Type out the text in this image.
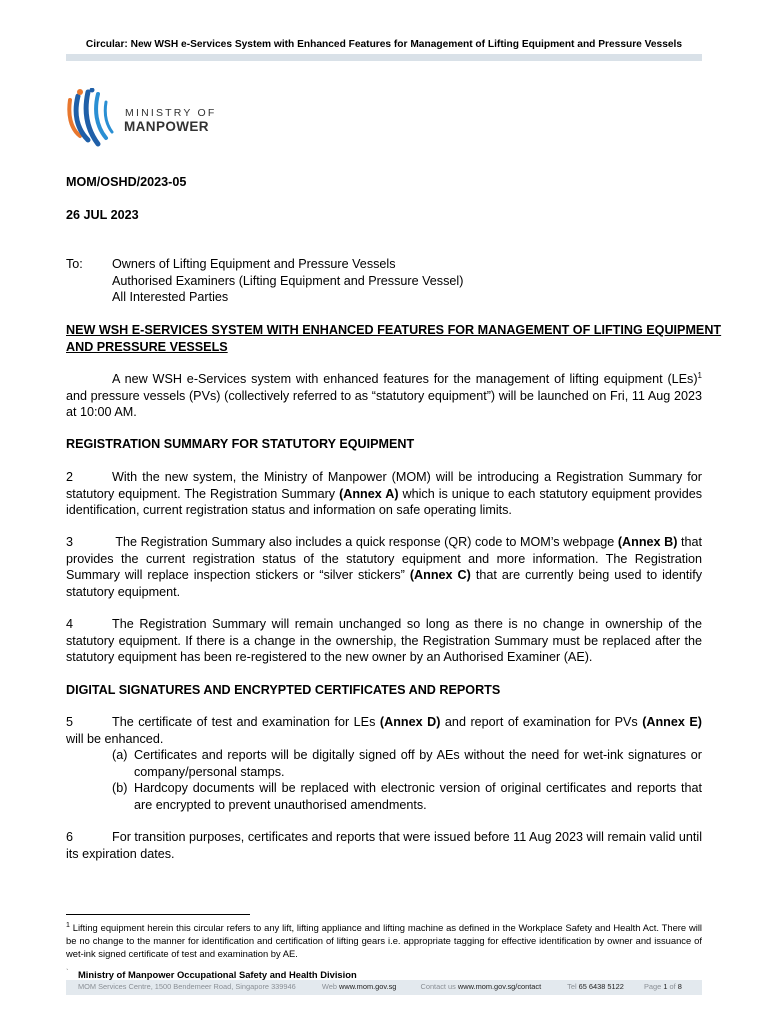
Circular: New WSH e-Services System with Enhanced Features for Management of Lifting Equipment and Pressure Vessels
MINISTRY OF
MANPOWER
MOM/OSHD/2023-05
26 JUL 2023
To: Owners of Lifting Equipment and Pressure Vessels
Authorised Examiners (Lifting Equipment and Pressure Vessel)
All Interested Parties
NEW WSH E-SERVICES SYSTEM WITH ENHANCED FEATURES FOR MANAGEMENT OF LIFTING EQUIPMENT
AND PRESSURE VESSELS
A new WSH e-Services system with enhanced features for the management of lifting equipment (LEs)$^1$ and pressure vessels (PVs) (collectively referred to as “statutory equipment”) will be launched on Fri, 11 Aug 2023 at 10:00 AM.
REGISTRATION SUMMARY FOR STATUTORY EQUIPMENT
2	With the new system, the Ministry of Manpower (MOM) will be introducing a Registration Summary for statutory equipment. The Registration Summary (Annex A) which is unique to each statutory equipment provides identification, current registration status and information on safe operating limits.
3	The Registration Summary also includes a quick response (QR) code to MOM’s webpage (Annex B) that provides the current registration status of the statutory equipment and more information. The Registration Summary will replace inspection stickers or “silver stickers” (Annex C) that are currently being used to identify statutory equipment.
4	The Registration Summary will remain unchanged so long as there is no change in ownership of the statutory equipment. If there is a change in the ownership, the Registration Summary must be replaced after the statutory equipment has been re-registered to the new owner by an Authorised Examiner (AE).
DIGITAL SIGNATURES AND ENCRYPTED CERTIFICATES AND REPORTS
5	The certificate of test and examination for LEs (Annex D) and report of examination for PVs (Annex E) will be enhanced.
(a) Certificates and reports will be digitally signed off by AEs without the need for wet-ink signatures or company/personal stamps.
(b) Hardcopy documents will be replaced with electronic version of original certificates and reports that are encrypted to prevent unauthorised amendments.
6	For transition purposes, certificates and reports that were issued before 11 Aug 2023 will remain valid until its expiration dates.
$^1$ Lifting equipment herein this circular refers to any lift, lifting appliance and lifting machine as defined in the Workplace Safety and Health Act. There will be no change to the manner for identification and certification of lifting gears i.e. appropriate tagging for effective identification by owner and issuance of wet-ink signed certificate of test and examination by AE.
` Ministry of Manpower Occupational Safety and Health Division
MOM Services Centre, 1500 Bendemeer Road, Singapore 339946	Web www.mom.gov.sg	Contact us www.mom.gov.sg/contact	Tel 65 6438 5122	Page 1 of 8
